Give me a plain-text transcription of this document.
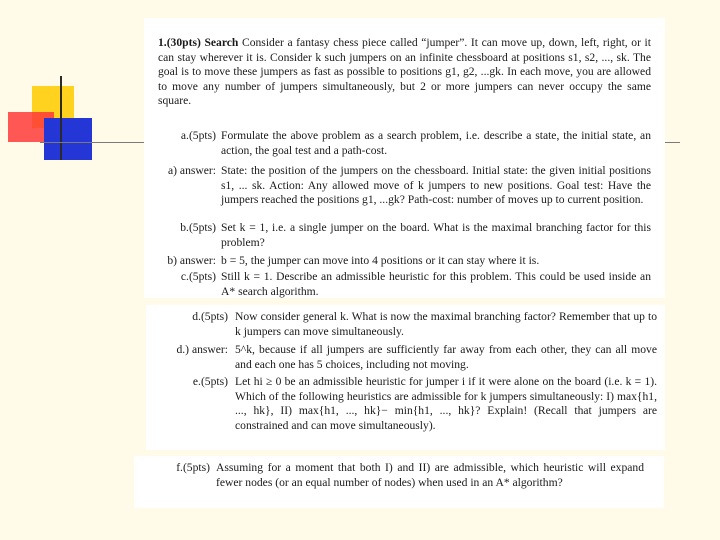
1.(30pts) Search Consider a fantasy chess piece called “jumper”. It can move up, down, left, right, or it can stay wherever it is. Consider k such jumpers on an infinite chessboard at positions s1, s2, ..., sk. The goal is to move these jumpers as fast as possible to positions g1, g2, ...gk. In each move, you are allowed to move any number of jumpers simultaneously, but 2 or more jumpers can never occupy the same square.

a.(5pts) Formulate the above problem as a search problem, i.e. describe a state, the initial state, an action, the goal test and a path-cost.
a) answer: State: the position of the jumpers on the chessboard. Initial state: the given initial positions s1, ... sk. Action: Any allowed move of k jumpers to new positions. Goal test: Have the jumpers reached the positions g1, ...gk? Path-cost: number of moves up to current position.
b.(5pts) Set k = 1, i.e. a single jumper on the board. What is the maximal branching factor for this problem?
b) answer: b = 5, the jumper can move into 4 positions or it can stay where it is.
c.(5pts) Still k = 1. Describe an admissible heuristic for this problem. This could be used inside an A* search algorithm.
d.(5pts) Now consider general k. What is now the maximal branching factor? Remember that up to k jumpers can move simultaneously.
d.) answer: 5^k, because if all jumpers are sufficiently far away from each other, they can all move and each one has 5 choices, including not moving.
e.(5pts) Let hi ≥ 0 be an admissible heuristic for jumper i if it were alone on the board (i.e. k = 1). Which of the following heuristics are admissible for k jumpers simultaneously: I) max{h1, ..., hk}, II) max{h1, ..., hk}− min{h1, ..., hk}? Explain! (Recall that jumpers are constrained and can move simultaneously).
f.(5pts) Assuming for a moment that both I) and II) are admissible, which heuristic will expand fewer nodes (or an equal number of nodes) when used in an A* algorithm?
